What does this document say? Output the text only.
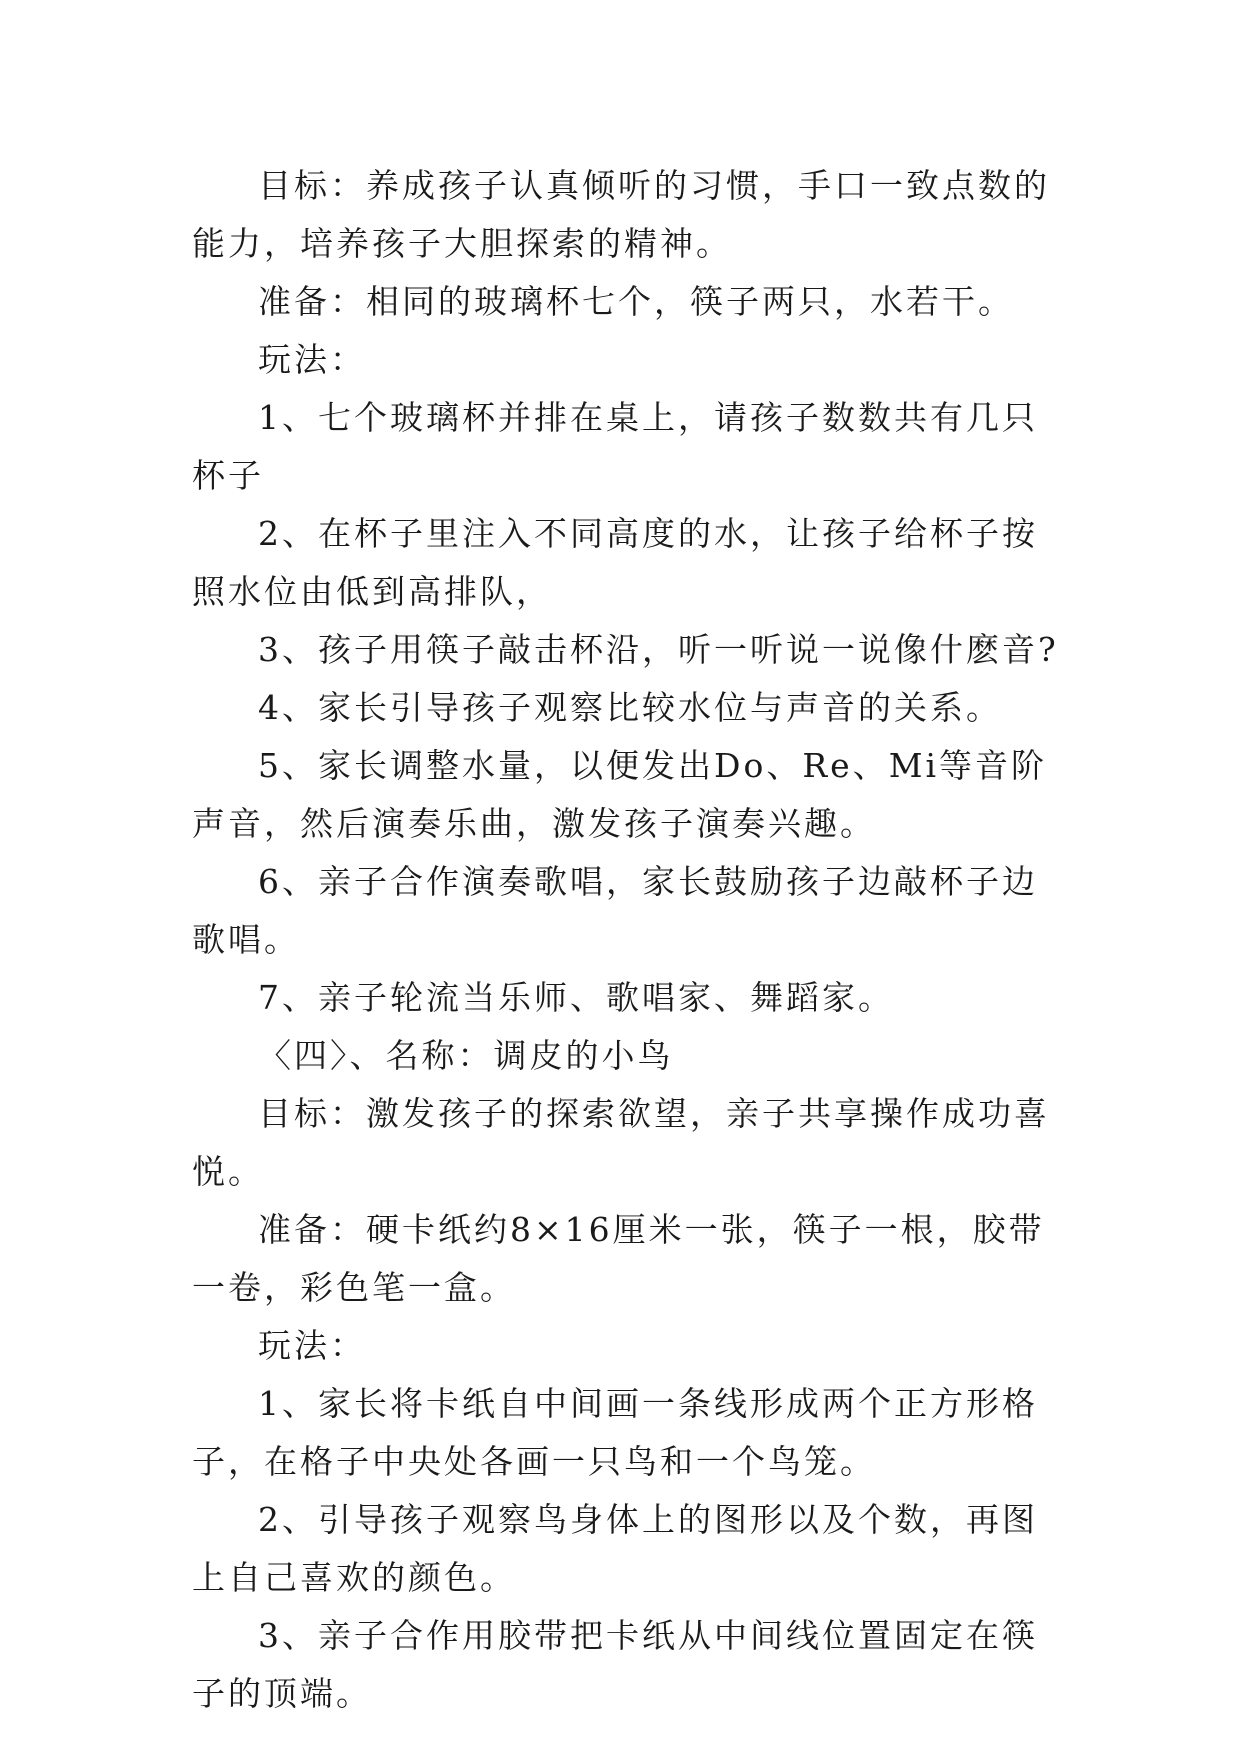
目标：养成孩子认真倾听的习惯，手口一致点数的能力，培养孩子大胆探索的精神。

准备：相同的玻璃杯七个，筷子两只，水若干。

玩法：

1、七个玻璃杯并排在桌上，请孩子数数共有几只杯子

2、在杯子里注入不同高度的水，让孩子给杯子按照水位由低到高排队，

3、孩子用筷子敲击杯沿，听一听说一说像什麽音?

4、家长引导孩子观察比较水位与声音的关系。

5、家长调整水量，以便发出Do、Re、Mi等音阶声音，然后演奏乐曲，激发孩子演奏兴趣。

6、亲子合作演奏歌唱，家长鼓励孩子边敲杯子边歌唱。

7、亲子轮流当乐师、歌唱家、舞蹈家。

〈四〉、名称：调皮的小鸟

目标：激发孩子的探索欲望，亲子共享操作成功喜悦。

准备：硬卡纸约8×16厘米一张，筷子一根，胶带一卷，彩色笔一盒。

玩法：

1、家长将卡纸自中间画一条线形成两个正方形格子，在格子中央处各画一只鸟和一个鸟笼。

2、引导孩子观察鸟身体上的图形以及个数，再图上自己喜欢的颜色。

3、亲子合作用胶带把卡纸从中间线位置固定在筷子的顶端。
